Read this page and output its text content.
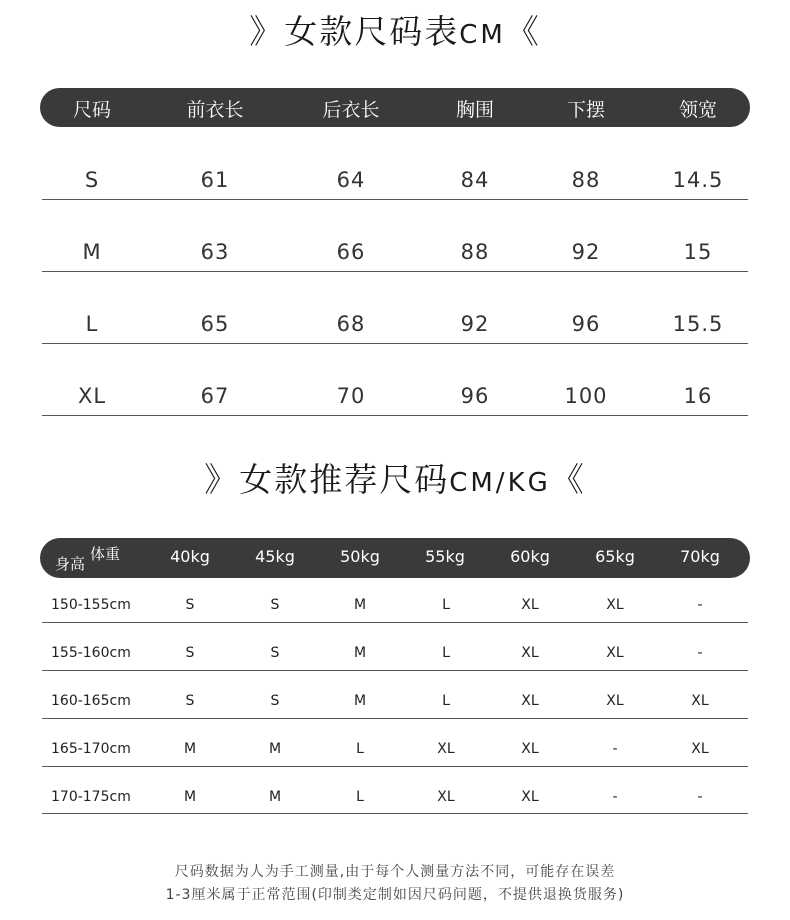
》女款尺码表CM《
尺码	前衣长	后衣长	胸围	下摆	领宽
S	61	64	84	88	14.5
M	63	66	88	92	15
L	65	68	92	96	15.5
XL	67	70	96	100	16
》女款推荐尺码CM/KG《
身高
体重	40kg	45kg	50kg	55kg	60kg	65kg	70kg
150-155cm	S	S	M	L	XL	XL	-
155-160cm	S	S	M	L	XL	XL	-
160-165cm	S	S	M	L	XL	XL	XL
165-170cm	M	M	L	XL	XL	-	XL
170-175cm	M	M	L	XL	XL	-	-
尺码数据为人为手工测量,由于每个人测量方法不同，可能存在误差
1-3厘米属于正常范围(印制类定制如因尺码问题，不提供退换货服务)
